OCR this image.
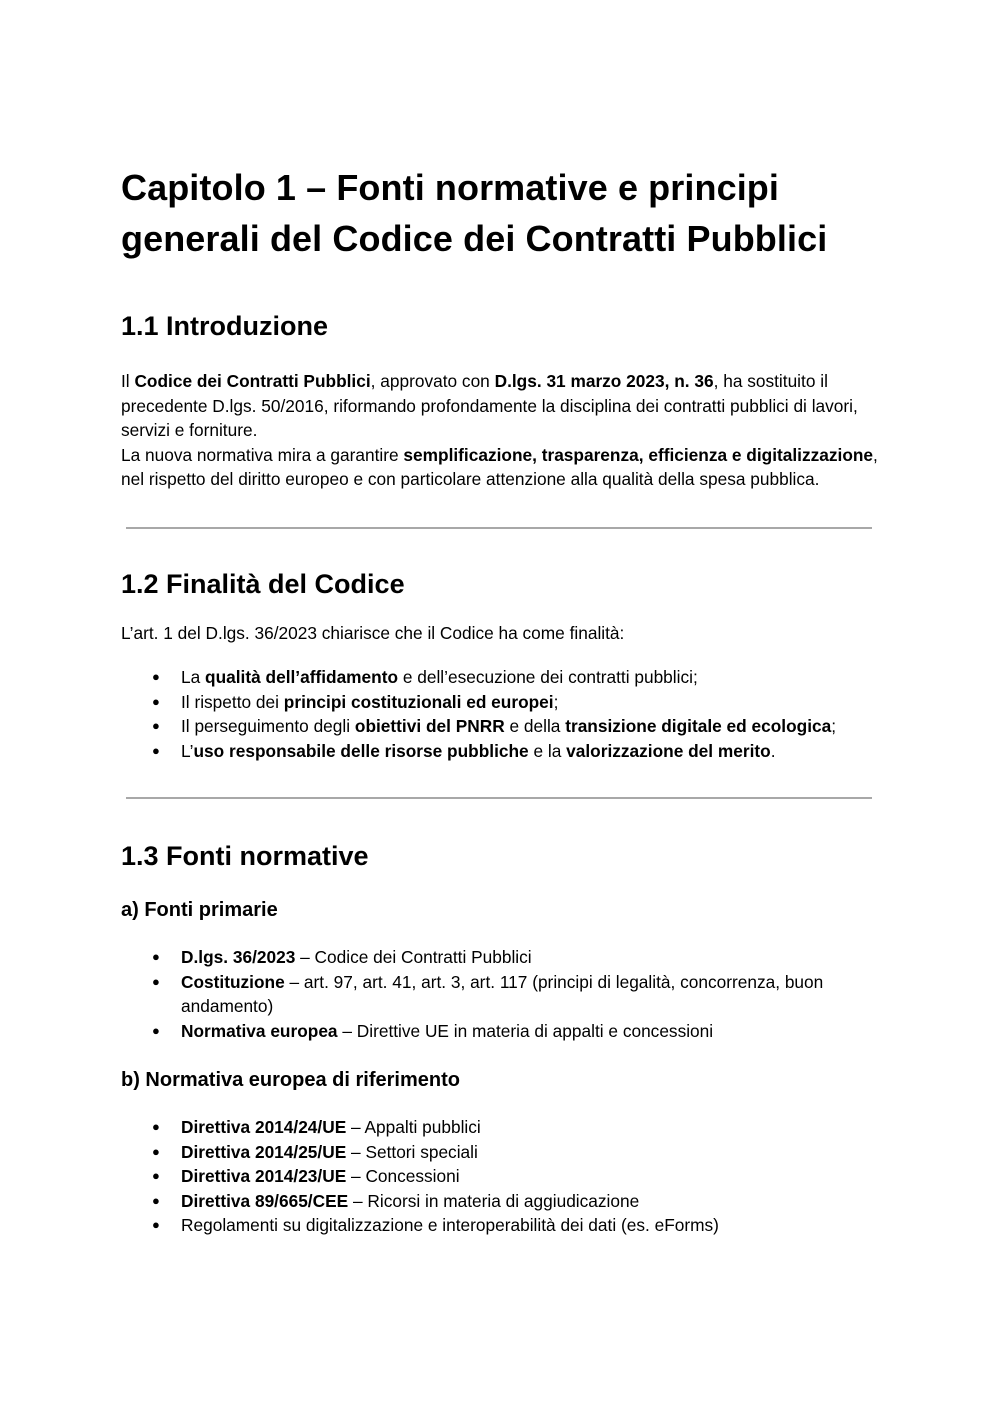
Capitolo 1 – Fonti normative e principi generali del Codice dei Contratti Pubblici
1.1 Introduzione

Il Codice dei Contratti Pubblici, approvato con D.lgs. 31 marzo 2023, n. 36, ha sostituito il precedente D.lgs. 50/2016, riformando profondamente la disciplina dei contratti pubblici di lavori, servizi e forniture.

La nuova normativa mira a garantire semplificazione, trasparenza, efficienza e digitalizzazione, nel rispetto del diritto europeo e con particolare attenzione alla qualità della spesa pubblica.

1.2 Finalità del Codice

L’art. 1 del D.lgs. 36/2023 chiarisce che il Codice ha come finalità:

● La qualità dell’affidamento e dell’esecuzione dei contratti pubblici;
● Il rispetto dei principi costituzionali ed europei;
● Il perseguimento degli obiettivi del PNRR e della transizione digitale ed ecologica;
● L’uso responsabile delle risorse pubbliche e la valorizzazione del merito.
1.3 Fonti normative
a) Fonti primarie
● D.lgs. 36/2023 – Codice dei Contratti Pubblici
● Costituzione – art. 97, art. 41, art. 3, art. 117 (principi di legalità, concorrenza, buon andamento)
● Normativa europea – Direttive UE in materia di appalti e concessioni
b) Normativa europea di riferimento
● Direttiva 2014/24/UE – Appalti pubblici
● Direttiva 2014/25/UE – Settori speciali
● Direttiva 2014/23/UE – Concessioni
● Direttiva 89/665/CEE – Ricorsi in materia di aggiudicazione
● Regolamenti su digitalizzazione e interoperabilità dei dati (es. eForms)
